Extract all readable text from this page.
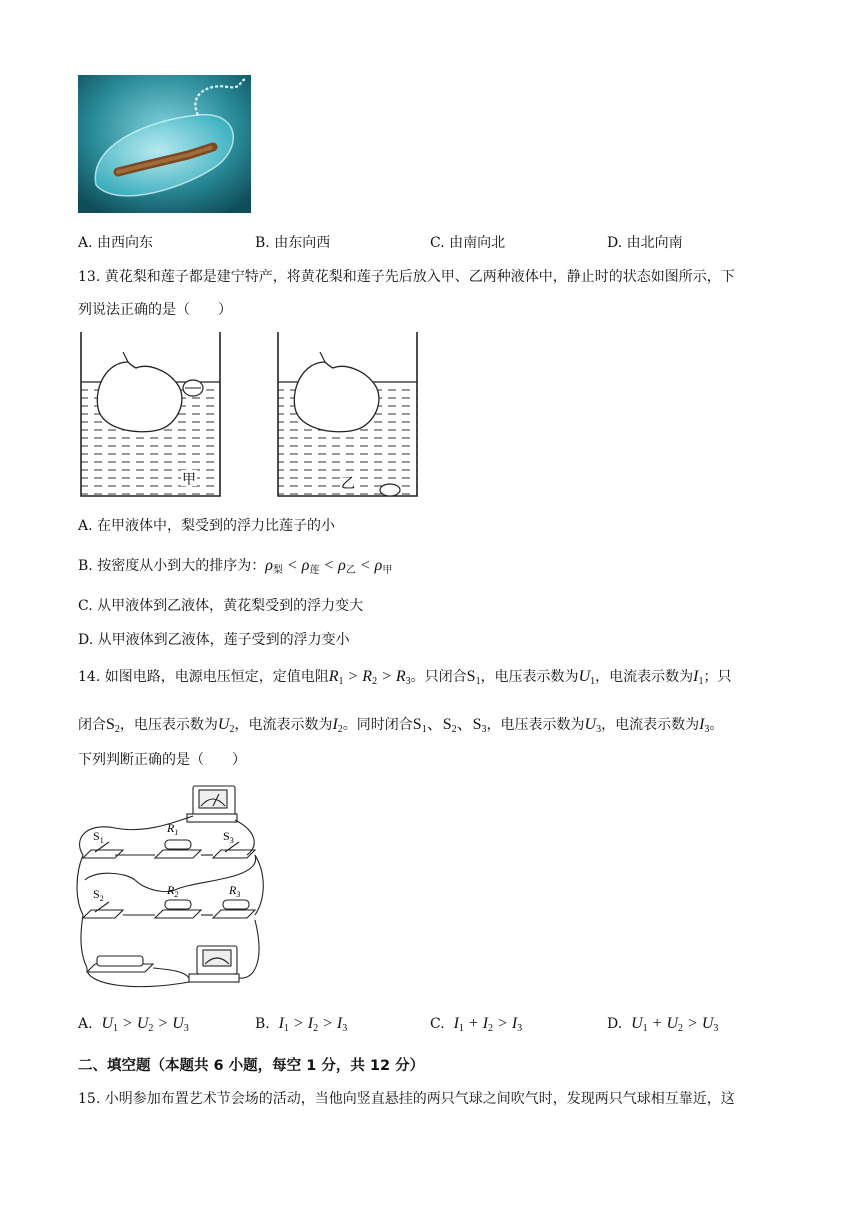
A. 由西向东	B. 由东向西	C. 由南向北	D. 由北向南
13. 黄花梨和莲子都是建宁特产，将黄花梨和莲子先后放入甲、乙两种液体中，静止时的状态如图所示，下
列说法正确的是（　　）
甲	乙
A. 在甲液体中，梨受到的浮力比莲子的小
B. 按密度从小到大的排序为：$\rho_梨 < \rho_莲 < \rho_乙 < \rho_甲$
C. 从甲液体到乙液体，黄花梨受到的浮力变大
D. 从甲液体到乙液体，莲子受到的浮力变小
14. 如图电路，电源电压恒定，定值电阻$R_1 > R_2 > R_3$。只闭合$S_1$，电压表示数为$U_1$，电流表示数为$I_1$；只
闭合$S_2$，电压表示数为$U_2$，电流表示数为$I_2$。同时闭合$S_1$、$S_2$、$S_3$，电压表示数为$U_3$，电流表示数为$I_3$。
下列判断正确的是（　　）
$S_1$
$R_1$	$S_3$
$S_2$
$R_2$	$R_3$
A. $U_1 > U_2 > U_3$	B. $I_1 > I_2 > I_3$	C. $I_1 + I_2 > I_3$	D. $U_1 + U_2 > U_3$
二、填空题（本题共 6 小题，每空 1 分，共 12 分）
15. 小明参加布置艺术节会场的活动，当他向竖直悬挂的两只气球之间吹气时，发现两只气球相互靠近，这
